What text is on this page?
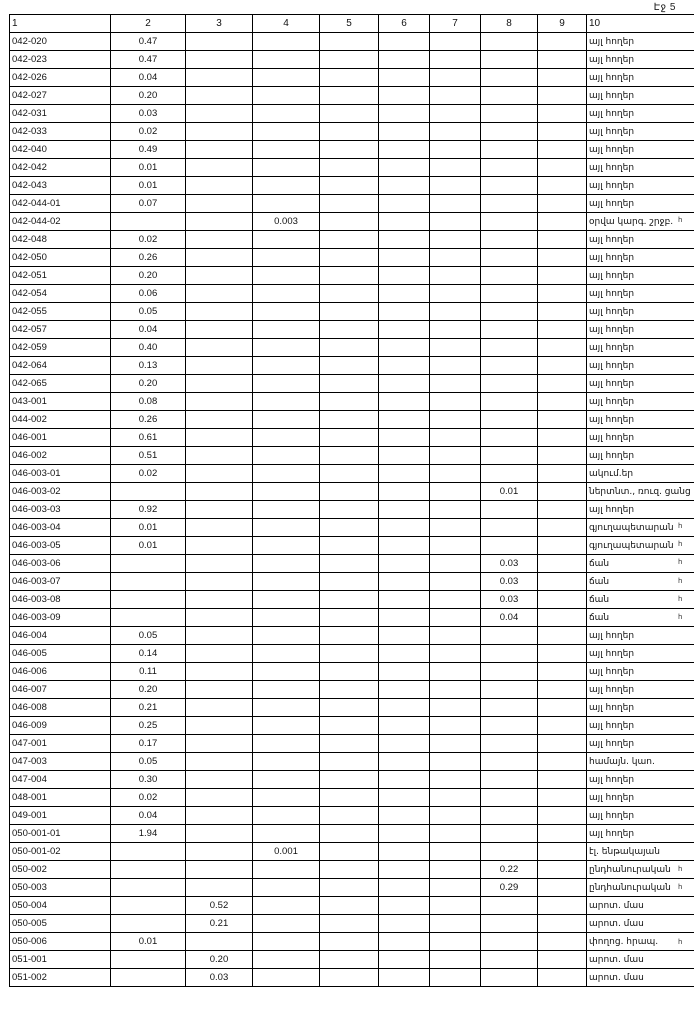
Էջ 5
1	2	3	4	5	6	7	8	9	10
042-020	0.47								այլ հողեր
042-023	0.47								այլ հողեր
042-026	0.04								այլ հողեր
042-027	0.20								այլ հողեր
042-031	0.03								այլ հողեր
042-033	0.02								այլ հողեր
042-040	0.49								այլ հողեր
042-042	0.01								այլ հողեր
042-043	0.01								այլ հողեր
042-044-01	0.07								այլ հողեր
042-044-02			0.003						օրվա կարգ. շրջբ.
042-048	0.02								այլ հողեր
042-050	0.26								այլ հողեր
042-051	0.20								այլ հողեր
042-054	0.06								այլ հողեր
042-055	0.05								այլ հողեր
042-057	0.04								այլ հողեր
042-059	0.40								այլ հողեր
042-064	0.13								այլ հողեր
042-065	0.20								այլ հողեր
043-001	0.08								այլ հողեր
044-002	0.26								այլ հողեր
046-001	0.61								այլ հողեր
046-002	0.51								այլ հողեր
046-003-01	0.02								ակում.եր
046-003-02							0.01		ներտնտ., ռուզ. ցանց
046-003-03	0.92								այլ հողեր
046-003-04	0.01								գյուղապետարան
046-003-05	0.01								գյուղապետարան
046-003-06							0.03		ճան
046-003-07							0.03		ճան
046-003-08							0.03		ճան
046-003-09							0.04		ճան
046-004	0.05								այլ հողեր
046-005	0.14								այլ հողեր
046-006	0.11								այլ հողեր
046-007	0.20								այլ հողեր
046-008	0.21								այլ հողեր
046-009	0.25								այլ հողեր
047-001	0.17								այլ հողեր
047-003	0.05								համայն. կաո.
047-004	0.30								այլ հողեր
048-001	0.02								այլ հողեր
049-001	0.04								այլ հողեր
050-001-01	1.94								այլ հողեր
050-001-02			0.001						էլ. ենթակայան
050-002							0.22		ընդհանուրական
050-003							0.29		ընդհանուրական
050-004		0.52							արոտ. մաս
050-005		0.21							արոտ. մաս
050-006	0.01								փողոց. հրապ.
051-001		0.20							արոտ. մաս
051-002		0.03							արոտ. մաս
հ
հ
հ
հ
հ
հ
հ
հ
հ
հ
